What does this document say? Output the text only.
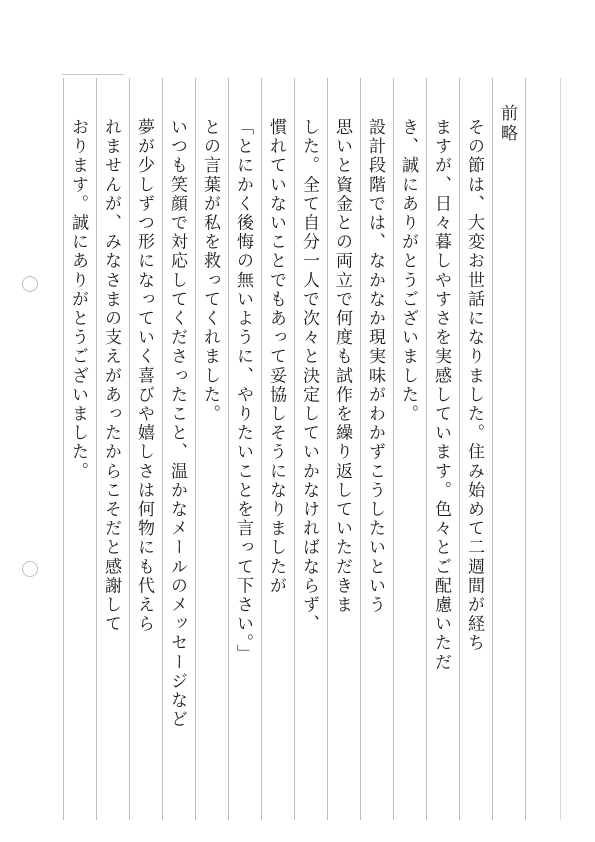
前略
その節は、大変お世話になりました。住み始めて二週間が経ち
ますが、日々暮しやすさを実感しています。色々とご配慮いただ
き、誠にありがとうございました。
設計段階では、なかなか現実味がわかずこうしたいという
思いと資金との両立で何度も試作を繰り返していただきま
した。全て自分一人で次々と決定していかなければならず、
慣れていないことでもあって妥協しそうになりましたが
「とにかく後悔の無いように、やりたいことを言って下さい。」
との言葉が私を救ってくれました。
いつも笑顔で対応してくださったこと、温かなメールのメッセージなど
夢が少しずつ形になっていく喜びや嬉しさは何物にも代えら
れませんが、みなさまの支えがあったからこそだと感謝して
おります。誠にありがとうございました。
